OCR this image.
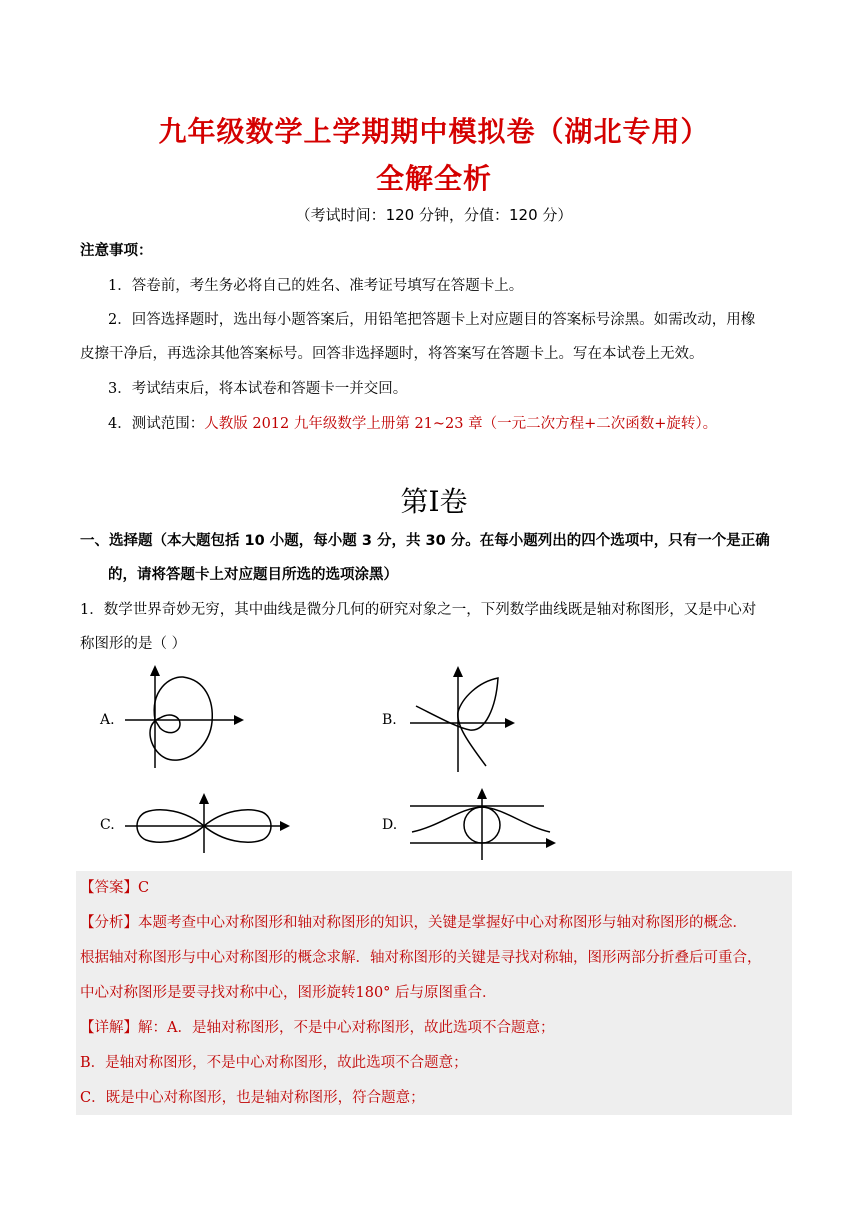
九年级数学上学期期中模拟卷（湖北专用）
全解全析
（考试时间：120 分钟，分值：120 分）
注意事项：
1．答卷前，考生务必将自己的姓名、准考证号填写在答题卡上。
2．回答选择题时，选出每小题答案后，用铅笔把答题卡上对应题目的答案标号涂黑。如需改动，用橡
皮擦干净后，再选涂其他答案标号。回答非选择题时，将答案写在答题卡上。写在本试卷上无效。
3．考试结束后，将本试卷和答题卡一并交回。
4．测试范围：人教版 2012 九年级数学上册第 21~23 章（一元二次方程+二次函数+旋转）。
第I卷
一、选择题（本大题包括 10 小题，每小题 3 分，共 30 分。在每小题列出的四个选项中，只有一个是正确
的，请将答题卡上对应题目所选的选项涂黑）
1．数学世界奇妙无穷，其中曲线是微分几何的研究对象之一，下列数学曲线既是轴对称图形，又是中心对
称图形的是（ ）
A.	B.
C.	D.
【答案】C
【分析】本题考查中心对称图形和轴对称图形的知识，关键是掌握好中心对称图形与轴对称图形的概念．
根据轴对称图形与中心对称图形的概念求解．轴对称图形的关键是寻找对称轴，图形两部分折叠后可重合，
中心对称图形是要寻找对称中心，图形旋转180° 后与原图重合．
【详解】解：A．是轴对称图形，不是中心对称图形，故此选项不合题意；
B．是轴对称图形，不是中心对称图形，故此选项不合题意；
C．既是中心对称图形，也是轴对称图形，符合题意；
